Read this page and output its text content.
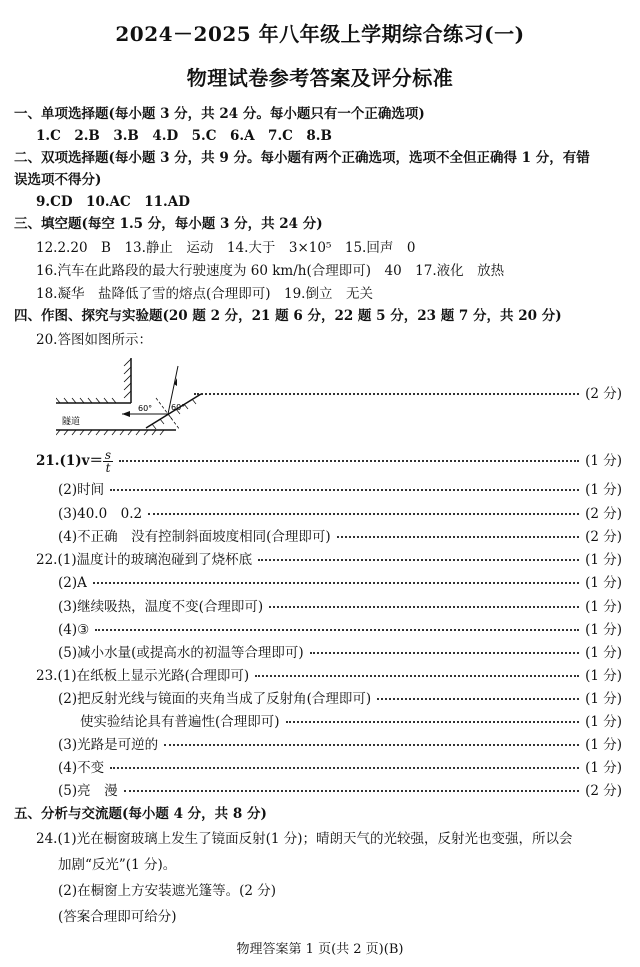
2024－2025 年八年级上学期综合练习(一)
物理试卷参考答案及评分标准
一、单项选择题(每小题 3 分，共 24 分。每小题只有一个正确选项)
1.C　2.B　3.B　4.D　5.C　6.A　7.C　8.B
二、双项选择题(每小题 3 分，共 9 分。每小题有两个正确选项，选项不全但正确得 1 分，有错
误选项不得分)
9.CD　10.AC　11.AD
三、填空题(每空 1.5 分，每小题 3 分，共 24 分)
12.2.20　B　13.静止　运动　14.大于　3×10⁵　15.回声　0
16.汽车在此路段的最大行驶速度为 60 km/h(合理即可)　40　17.液化　放热
18.凝华　盐降低了雪的熔点(合理即可)　19.倒立　无关
四、作图、探究与实验题(20 题 2 分，21 题 6 分，22 题 5 分，23 题 7 分，共 20 分)
20.答图如图所示：
隧道
60° 60°
(2 分)
$21.(1)v= \frac{s}{t}$	(1 分)
(2)时间	(1 分)
(3)40.0　0.2	(2 分)
(4)不正确　没有控制斜面坡度相同(合理即可)	(2 分)
22.(1)温度计的玻璃泡碰到了烧杯底	(1 分)
(2)A	(1 分)
(3)继续吸热，温度不变(合理即可)	(1 分)
(4)③	(1 分)
(5)减小水量(或提高水的初温等合理即可)	(1 分)
23.(1)在纸板上显示光路(合理即可)	(1 分)
(2)把反射光线与镜面的夹角当成了反射角(合理即可)	(1 分)
使实验结论具有普遍性(合理即可)	(1 分)
(3)光路是可逆的	(1 分)
(4)不变	(1 分)
(5)亮　漫	(2 分)
五、分析与交流题(每小题 4 分，共 8 分)
24.(1)光在橱窗玻璃上发生了镜面反射(1 分)；晴朗天气的光较强，反射光也变强，所以会
加剧“反光”(1 分)。
(2)在橱窗上方安装遮光篷等。(2 分)
(答案合理即可给分)
物理答案第 1 页(共 2 页)(B)
